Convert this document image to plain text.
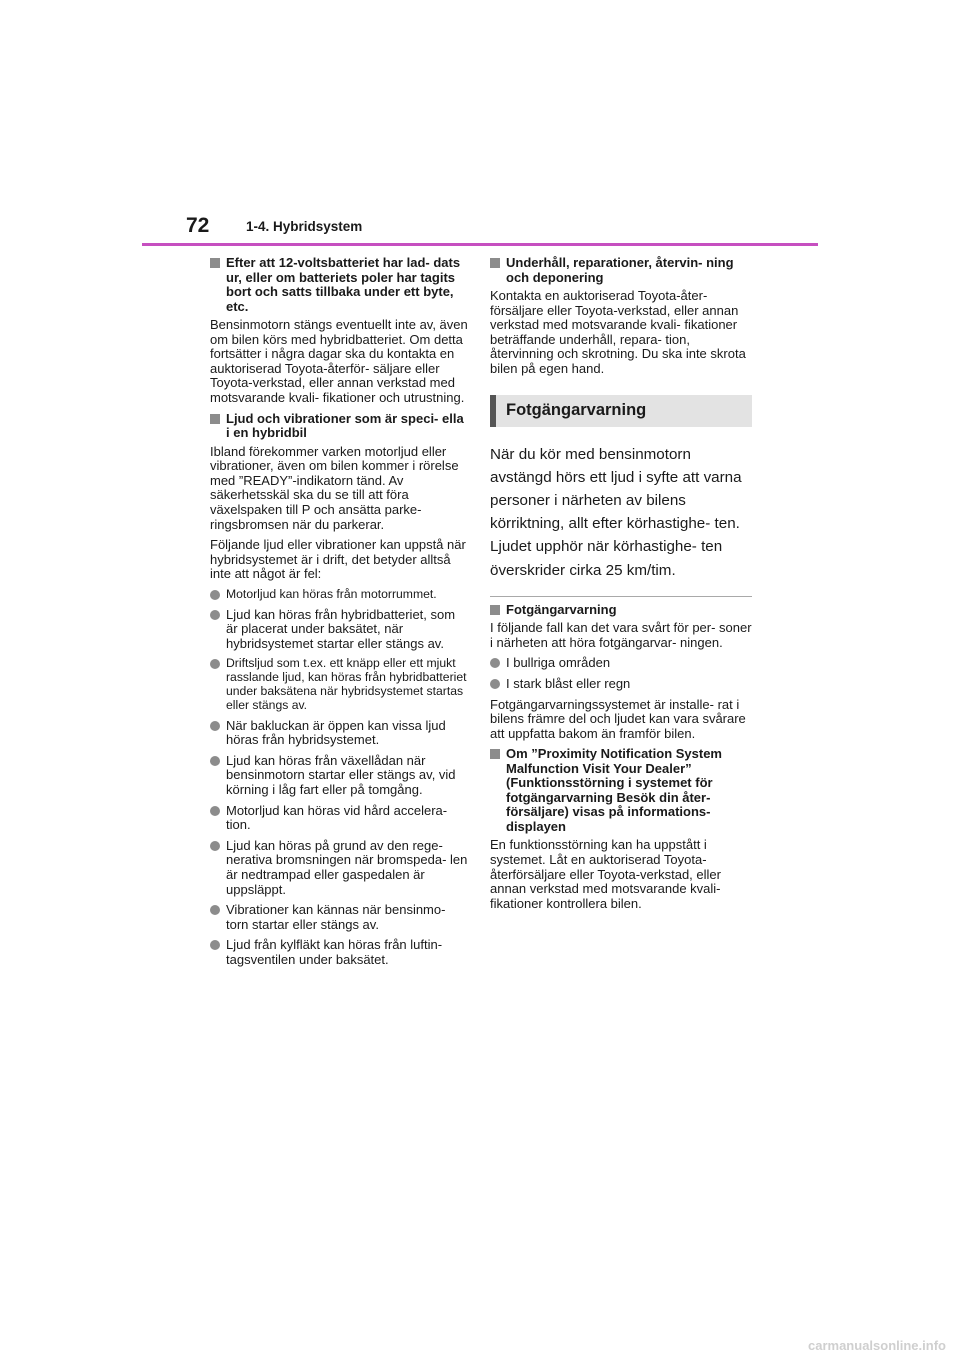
72	1-4. Hybridsystem
Efter att 12-voltsbatteriet har lad- dats ur, eller om batteriets poler har tagits bort och satts tillbaka under ett byte, etc.

Bensinmotorn stängs eventuellt inte av, även om bilen körs med hybridbatteriet. Om detta fortsätter i några dagar ska du kontakta en auktoriserad Toyota-återför- säljare eller Toyota-verkstad, eller annan verkstad med motsvarande kvali- fikationer och utrustning.

Ljud och vibrationer som är speci- ella i en hybridbil

Ibland förekommer varken motorljud eller vibrationer, även om bilen kommer i rörelse med ”READY”-indikatorn tänd. Av säkerhetsskäl ska du se till att föra växelspaken till P och ansätta parke- ringsbromsen när du parkerar.

Följande ljud eller vibrationer kan uppstå när hybridsystemet är i drift, det betyder alltså inte att något är fel:

Motorljud kan höras från motorrummet.
Ljud kan höras från hybridbatteriet, som är placerat under baksätet, när hybridsystemet startar eller stängs av.
Driftsljud som t.ex. ett knäpp eller ett mjukt rasslande ljud, kan höras från hybridbatteriet under baksätena när hybridsystemet startas eller stängs av.
När bakluckan är öppen kan vissa ljud höras från hybridsystemet.
Ljud kan höras från växellådan när bensinmotorn startar eller stängs av, vid körning i låg fart eller på tomgång.
Motorljud kan höras vid hård accelera- tion.
Ljud kan höras på grund av den rege- nerativa bromsningen när bromspeda- len är nedtrampad eller gaspedalen är uppsläppt.
Vibrationer kan kännas när bensinmo- torn startar eller stängs av.
Ljud från kylfläkt kan höras från luftin- tagsventilen under baksätet.
Underhåll, reparationer, återvin- ning och deponering

Kontakta en auktoriserad Toyota-åter- försäljare eller Toyota-verkstad, eller annan verkstad med motsvarande kvali- fikationer beträffande underhåll, repara- tion, återvinning och skrotning. Du ska inte skrota bilen på egen hand.

Fotgängarvarning

När du kör med bensinmotorn avstängd hörs ett ljud i syfte att varna personer i närheten av bilens körriktning, allt efter körhastighe- ten. Ljudet upphör när körhastighe- ten överskrider cirka 25 km/tim.

Fotgängarvarning

I följande fall kan det vara svårt för per- soner i närheten att höra fotgängarvar- ningen.

I bullriga områden
I stark blåst eller regn

Fotgängarvarningssystemet är installe- rat i bilens främre del och ljudet kan vara svårare att uppfatta bakom än framför bilen.

Om ”Proximity Notification System Malfunction Visit Your Dealer” (Funktionsstörning i systemet för fotgängarvarning Besök din åter- försäljare) visas på informations- displayen

En funktionsstörning kan ha uppstått i systemet. Låt en auktoriserad Toyota- återförsäljare eller Toyota-verkstad, eller annan verkstad med motsvarande kvali- fikationer kontrollera bilen.

carmanualsonline.info
